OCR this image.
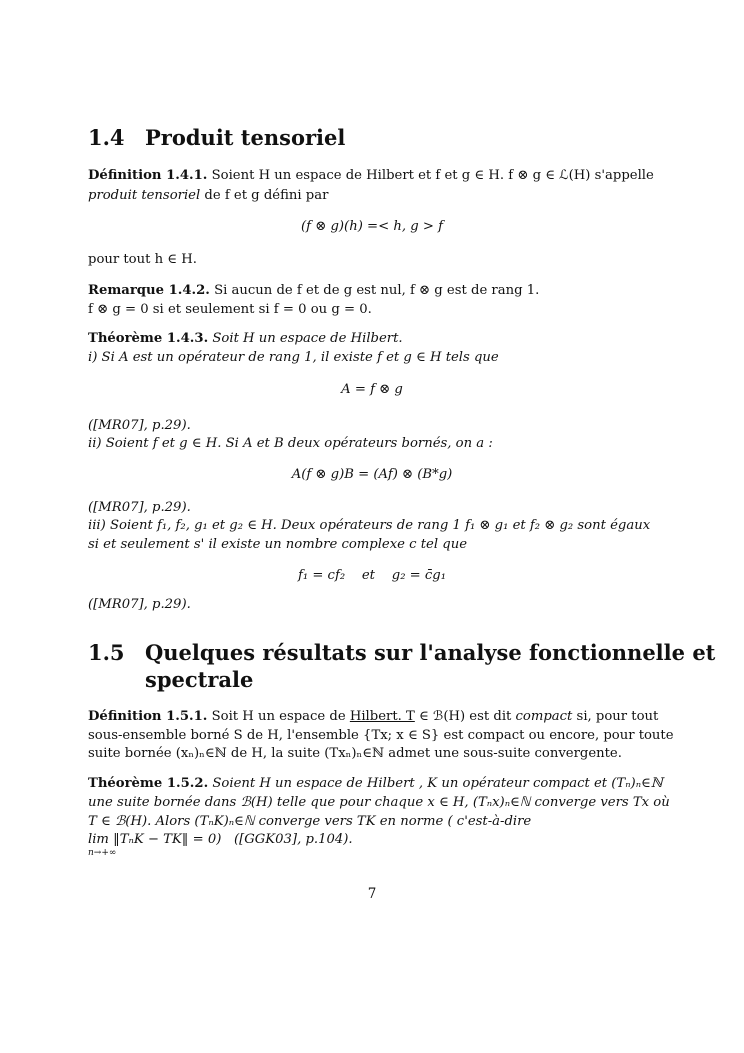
1.4 Produit tensoriel

Définition 1.4.1. Soient H un espace de Hilbert et f et g ∈ H. f ⊗ g ∈ ℒ(H) s'appelle

produit tensoriel de f et g défini par

(f ⊗ g)(h) =< h, g > f

pour tout h ∈ H.

Remarque 1.4.2. Si aucun de f et de g est nul, f ⊗ g est de rang 1.

f ⊗ g = 0 si et seulement si f = 0 ou g = 0.

Théorème 1.4.3. Soit H un espace de Hilbert.

i) Si A est un opérateur de rang 1, il existe f et g ∈ H tels que

A = f ⊗ g

([MR07], p.29).

ii) Soient f et g ∈ H. Si A et B deux opérateurs bornés, on a :

A(f ⊗ g)B = (Af) ⊗ (B*g)

([MR07], p.29).

iii) Soient f₁, f₂, g₁ et g₂ ∈ H. Deux opérateurs de rang 1 f₁ ⊗ g₁ et f₂ ⊗ g₂ sont égaux

si et seulement s' il existe un nombre complexe c tel que

f₁ = cf₂    et    g₂ = c̄g₁

([MR07], p.29).

1.5 Quelques résultats sur l'analyse fonctionnelle et
spectrale

Définition 1.5.1. Soit H un espace de Hilbert. T ∈ ℬ(H) est dit compact si, pour tout

sous-ensemble borné S de H, l'ensemble {Tx; x ∈ S} est compact ou encore, pour toute

suite bornée (xₙ)ₙ∈ℕ de H, la suite (Txₙ)ₙ∈ℕ admet une sous-suite convergente.

Théorème 1.5.2. Soient H un espace de Hilbert , K un opérateur compact et (Tₙ)ₙ∈ℕ

une suite bornée dans ℬ(H) telle que pour chaque x ∈ H, (Tₙx)ₙ∈ℕ converge vers Tx où

T ∈ ℬ(H). Alors (TₙK)ₙ∈ℕ converge vers TK en norme ( c'est-à-dire

lim ‖TₙK − TK‖ = 0)   ([GGK03], p.104).

n→+∞
7
